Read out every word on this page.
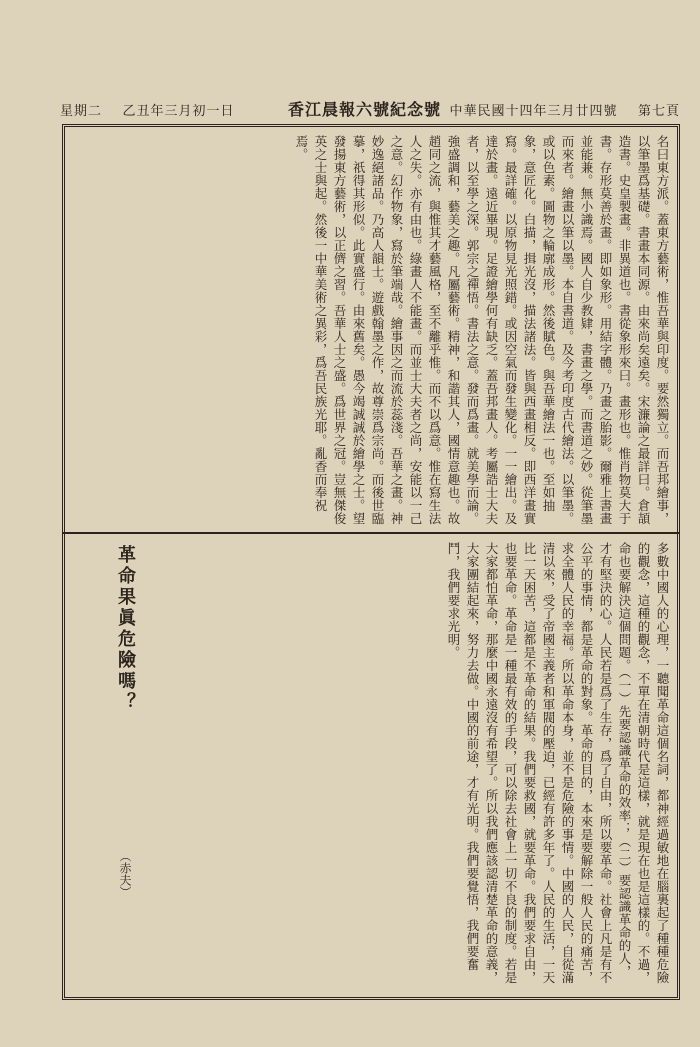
星期二 乙丑年三月初一日	香江晨報六號紀念號 中華民國十四年三月廿四號 第七頁
名曰東方派。蓋東方藝術，惟吾華與印度。要然獨立。而吾邦繪事，以筆墨爲基礎。書畫本同源。由來尚矣遠矣。宋濂論之最詳曰。倉頡造書。史皇製畫。非異道也。書從象形來曰。畫形也。惟肖物莫大于書。存形莫善於畫。即如象形。用結字體。乃畫之胎影。爾雅上書畫並能兼。無小識焉。國人自少教肄，書畫之學。而書道之妙。從筆墨而來者。繪畫以筆以墨。本自書道。及今考印度古代繪法。以筆墨。或以色素。圖物之輪廓成形。然後賦色。與吾華繪法一也。至如抽象，意匠化。白描，揖光沒，描法諸法。皆與西畫相反。即西洋畫實寫。最詳確。以原物見光照錯。或因空氣而發生變化。一一繪出。及達於畫。遠近畢現。足證繪學何有缺乏。蓋吾邦畫人。考屬誥士大夫者，以至學之深。郭宗之禪悟。書法之意。發而爲畫。就美學而論。強盛調和，藝美之趣。凡屬藝術。精神，和諧其人，國情意趣也。故趙同之流，與惟其才藝風格，至不離乎惟。而不以爲意。惟在寫生法人之失。亦有由也。綠畫人不能畫。而並士大夫者之尚，安能以一己之意。幻作物象，寫於筆端哉。繪事因之而流於蕊淺。吾華之畫。神妙逸絕諸品。乃高人韻士。遊戲翰墨之作，故尊崇爲宗尚。而後世臨摹，祇得其形似。此實盛行。由來舊矣。愚今竭誠誠於繪學之士。望發揚東方藝術，以正儕之習。吾華人士之盛。爲世界之冠。豈無傑俊英之士與起。然後一中華美術之異彩，爲吾民族光耶。亂香而奉祝焉。
革命果眞危險嗎？
（赤夫）	多數中國人的心理，一聽聞革命這個名詞，都神經過敏地在腦裏起了種種危險的觀念，這種的觀念，不單在清朝時代是這樣，就是現在也是這樣的。不過，命也要解決這個問題。（一）先要認識革命的效率；（二）要認識革命的人，才有堅決的心。人民若是爲了生存，爲了自由，所以要革命。社會上凡是有不公平的事情，都是革命的對象。革命的目的，本來是要解除一般人民的痛苦，求全體人民的幸福。所以革命本身，並不是危險的事情。中國的人民，自從滿清以來，受了帝國主義者和軍閥的壓迫，已經有許多年了。人民的生活，一天比一天困苦，這都是不革命的結果。我們要救國，就要革命。我們要求自由，也要革命。革命是一種最有效的手段，可以除去社會上一切不良的制度。若是大家都怕革命，那麼中國永遠沒有希望了。所以我們應該認清楚革命的意義，大家團結起來，努力去做。中國的前途，才有光明。我們要覺悟，我們要奮鬥，我們要求光明。
